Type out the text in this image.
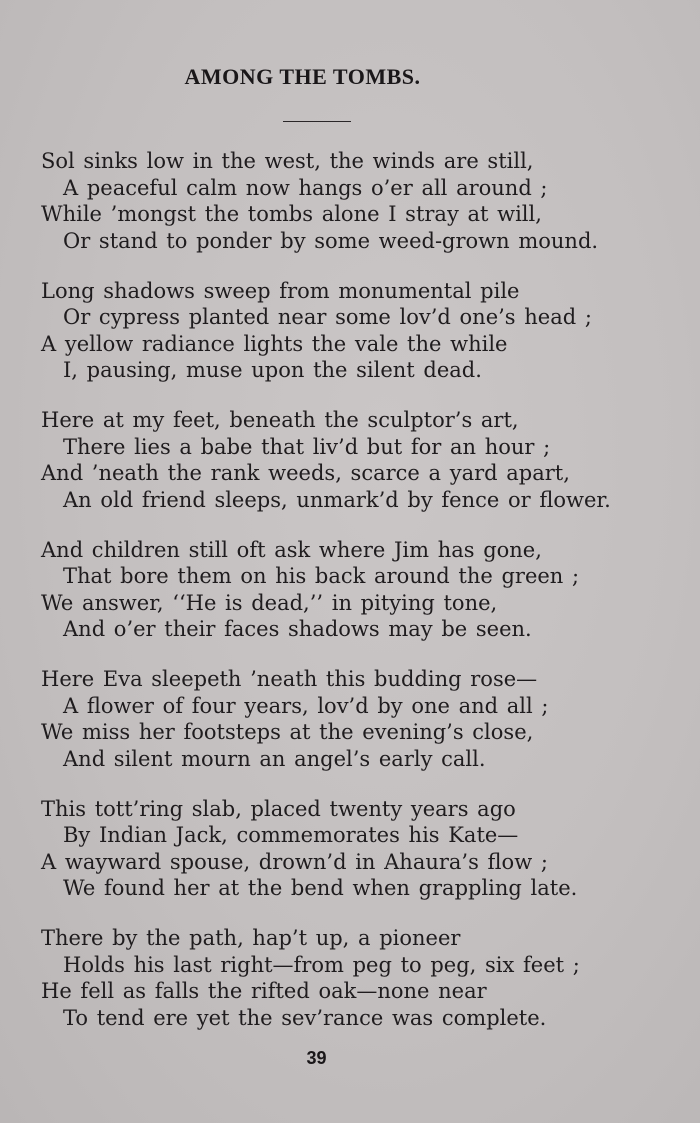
AMONG THE TOMBS.
Sol sinks low in the west, the winds are still,
A peaceful calm now hangs o’er all around ;
While ’mongst the tombs alone I stray at will,
Or stand to ponder by some weed-grown mound.
Long shadows sweep from monumental pile
Or cypress planted near some lov’d one’s head ;
A yellow radiance lights the vale the while
I, pausing, muse upon the silent dead.
Here at my feet, beneath the sculptor’s art,
There lies a babe that liv’d but for an hour ;
And ’neath the rank weeds, scarce a yard apart,
An old friend sleeps, unmark’d by fence or flower.
And children still oft ask where Jim has gone,
That bore them on his back around the green ;
We answer, ‘‘He is dead,’’ in pitying tone,
And o’er their faces shadows may be seen.
Here Eva sleepeth ’neath this budding rose—
A flower of four years, lov’d by one and all ;
We miss her footsteps at the evening’s close,
And silent mourn an angel’s early call.
This tott’ring slab, placed twenty years ago
By Indian Jack, commemorates his Kate—
A wayward spouse, drown’d in Ahaura’s flow ;
We found her at the bend when grappling late.
There by the path, hap’t up, a pioneer
Holds his last right—from peg to peg, six feet ;
He fell as falls the rifted oak—none near
To tend ere yet the sev’rance was complete.
39
